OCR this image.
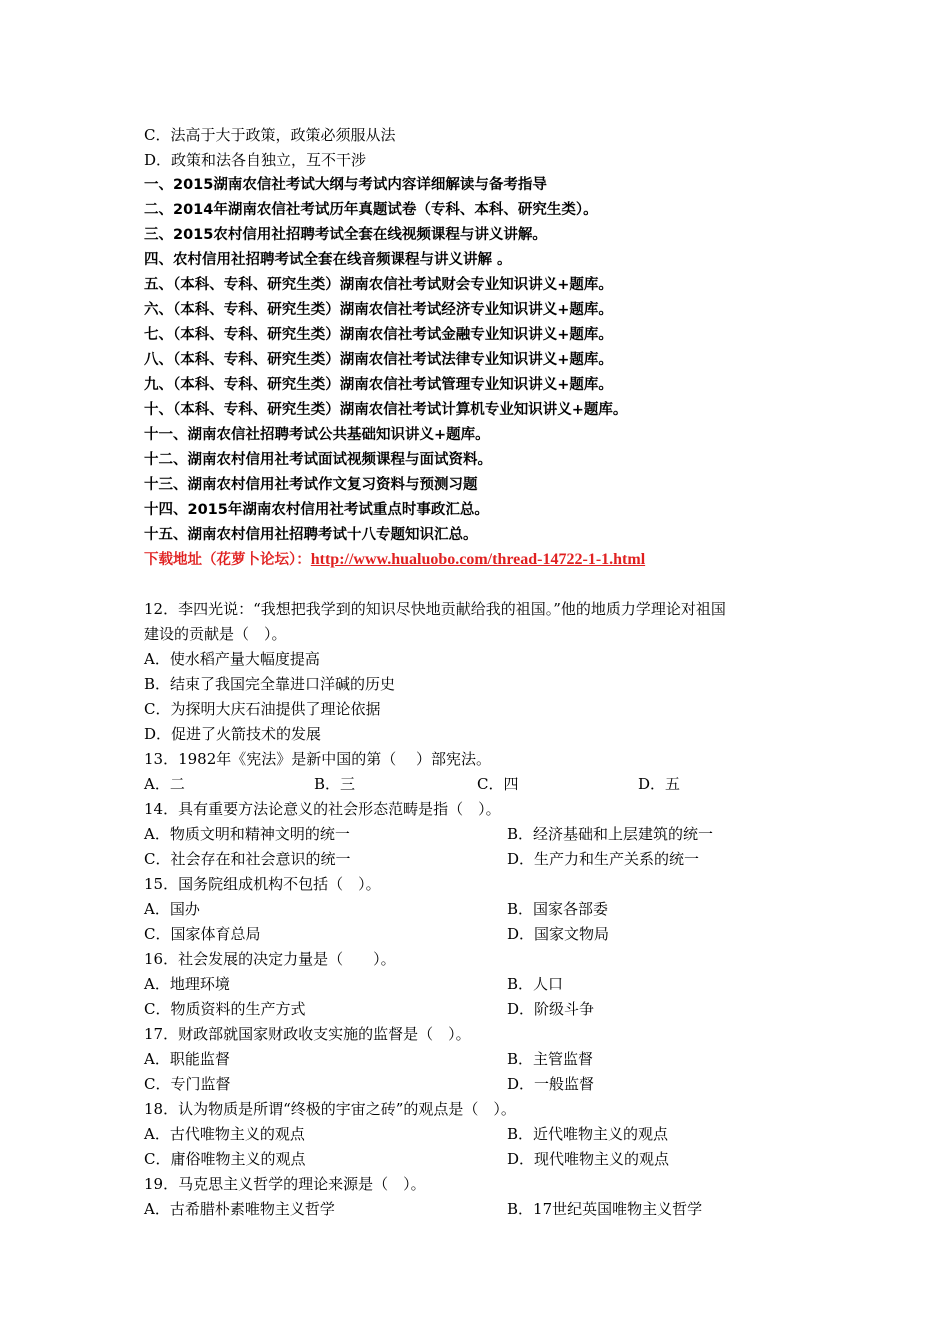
C．法高于大于政策，政策必须服从法
D．政策和法各自独立，互不干涉
一、2015湖南农信社考试大纲与考试内容详细解读与备考指导
二、2014年湖南农信社考试历年真题试卷（专科、本科、研究生类）。
三、2015农村信用社招聘考试全套在线视频课程与讲义讲解。
四、农村信用社招聘考试全套在线音频课程与讲义讲解 。
五、（本科、专科、研究生类）湖南农信社考试财会专业知识讲义+题库。
六、（本科、专科、研究生类）湖南农信社考试经济专业知识讲义+题库。
七、（本科、专科、研究生类）湖南农信社考试金融专业知识讲义+题库。
八、（本科、专科、研究生类）湖南农信社考试法律专业知识讲义+题库。
九、（本科、专科、研究生类）湖南农信社考试管理专业知识讲义+题库。
十、（本科、专科、研究生类）湖南农信社考试计算机专业知识讲义+题库。
十一、湖南农信社招聘考试公共基础知识讲义+题库。
十二、湖南农村信用社考试面试视频课程与面试资料。
十三、湖南农村信用社考试作文复习资料与预测习题
十四、2015年湖南农村信用社考试重点时事政汇总。
十五、湖南农村信用社招聘考试十八专题知识汇总。
下载地址（花萝卜论坛）：http://www.hualuobo.com/thread-14722-1-1.html
12．李四光说：“我想把我学到的知识尽快地贡献给我的祖国。”他的地质力学理论对祖国
建设的贡献是（　）。
A．使水稻产量大幅度提高
B．结束了我国完全靠进口洋碱的历史
C．为探明大庆石油提供了理论依据
D．促进了火箭技术的发展
13．1982年《宪法》是新中国的第（　 ）部宪法。
A．二	B．三	C．四	D．五
14．具有重要方法论意义的社会形态范畴是指（　）。
A．物质文明和精神文明的统一	B．经济基础和上层建筑的统一
C．社会存在和社会意识的统一	D．生产力和生产关系的统一
15．国务院组成机构不包括（　）。
A．国办	B．国家各部委
C．国家体育总局	D．国家文物局
16．社会发展的决定力量是（　　）。
A．地理环境	B．人口
C．物质资料的生产方式	D．阶级斗争
17．财政部就国家财政收支实施的监督是（　）。
A．职能监督	B．主管监督
C．专门监督	D．一般监督
18．认为物质是所谓“终极的宇宙之砖”的观点是（　）。
A．古代唯物主义的观点	B．近代唯物主义的观点
C．庸俗唯物主义的观点	D．现代唯物主义的观点
19．马克思主义哲学的理论来源是（　）。
A．古希腊朴素唯物主义哲学	B．17世纪英国唯物主义哲学
